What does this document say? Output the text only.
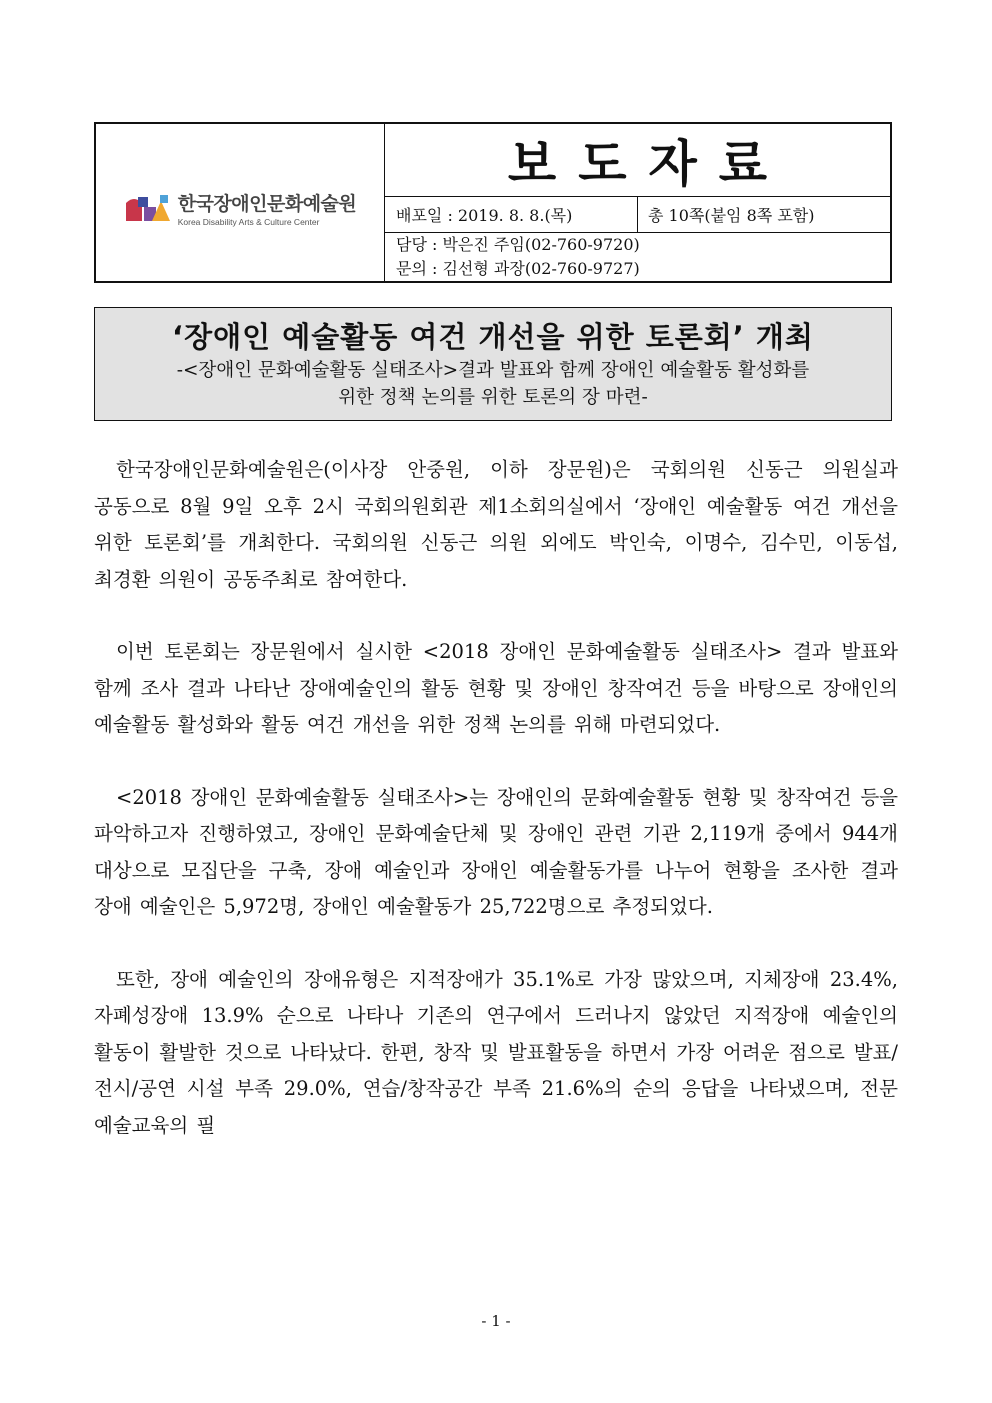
한국장애인문화예술원
Korea Disability Arts & Culture Center
보도자료
배포일 : 2019. 8. 8.(목)	총 10쪽(붙임 8쪽 포함)
담당 : 박은진 주임(02-760-9720)
문의 : 김선형 과장(02-760-9727)
‘장애인 예술활동 여건 개선을 위한 토론회’ 개최
-<장애인 문화예술활동 실태조사>결과 발표와 함께 장애인 예술활동 활성화를
위한 정책 논의를 위한 토론의 장 마련-

한국장애인문화예술원은(이사장 안중원, 이하 장문원)은 국회의원 신동근 의원실과 공동으로 8월 9일 오후 2시 국회의원회관 제1소회의실에서 ‘장애인 예술활동 여건 개선을 위한 토론회’를 개최한다. 국회의원 신동근 의원 외에도 박인숙, 이명수, 김수민, 이동섭, 최경환 의원이 공동주최로 참여한다.

이번 토론회는 장문원에서 실시한 <2018 장애인 문화예술활동 실태조사> 결과 발표와 함께 조사 결과 나타난 장애예술인의 활동 현황 및 장애인 창작여건 등을 바탕으로 장애인의 예술활동 활성화와 활동 여건 개선을 위한 정책 논의를 위해 마련되었다.

<2018 장애인 문화예술활동 실태조사>는 장애인의 문화예술활동 현황 및 창작여건 등을 파악하고자 진행하였고, 장애인 문화예술단체 및 장애인 관련 기관 2,119개 중에서 944개 대상으로 모집단을 구축, 장애 예술인과 장애인 예술활동가를 나누어 현황을 조사한 결과 장애 예술인은 5,972명, 장애인 예술활동가 25,722명으로 추정되었다.

또한, 장애 예술인의 장애유형은 지적장애가 35.1%로 가장 많았으며, 지체장애 23.4%, 자폐성장애 13.9% 순으로 나타나 기존의 연구에서 드러나지 않았던 지적장애 예술인의 활동이 활발한 것으로 나타났다. 한편, 창작 및 발표활동을 하면서 가장 어려운 점으로 발표/전시/공연 시설 부족 29.0%, 연습/창작공간 부족 21.6%의 순의 응답을 나타냈으며, 전문 예술교육의 필

- 1 -
